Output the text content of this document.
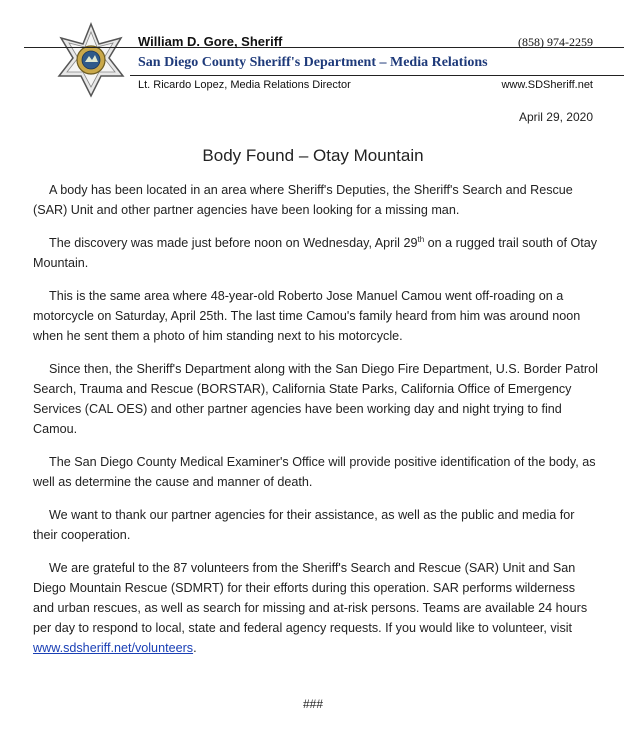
William D. Gore, Sheriff	(858) 974-2259
San Diego County Sheriff's Department – Media Relations
Lt. Ricardo Lopez, Media Relations Director	www.SDSheriff.net
April 29, 2020
Body Found – Otay Mountain

A body has been located in an area where Sheriff's Deputies, the Sheriff's Search and Rescue (SAR) Unit and other partner agencies have been looking for a missing man.

The discovery was made just before noon on Wednesday, April 29th on a rugged trail south of Otay Mountain.

This is the same area where 48-year-old Roberto Jose Manuel Camou went off-roading on a motorcycle on Saturday, April 25th. The last time Camou's family heard from him was around noon when he sent them a photo of him standing next to his motorcycle.

Since then, the Sheriff's Department along with the San Diego Fire Department, U.S. Border Patrol Search, Trauma and Rescue (BORSTAR), California State Parks, California Office of Emergency Services (CAL OES) and other partner agencies have been working day and night trying to find Camou.

The San Diego County Medical Examiner's Office will provide positive identification of the body, as well as determine the cause and manner of death.

We want to thank our partner agencies for their assistance, as well as the public and media for their cooperation.

We are grateful to the 87 volunteers from the Sheriff's Search and Rescue (SAR) Unit and San Diego Mountain Rescue (SDMRT) for their efforts during this operation. SAR performs wilderness and urban rescues, as well as search for missing and at-risk persons. Teams are available 24 hours per day to respond to local, state and federal agency requests. If you would like to volunteer, visit www.sdsheriff.net/volunteers.

###
